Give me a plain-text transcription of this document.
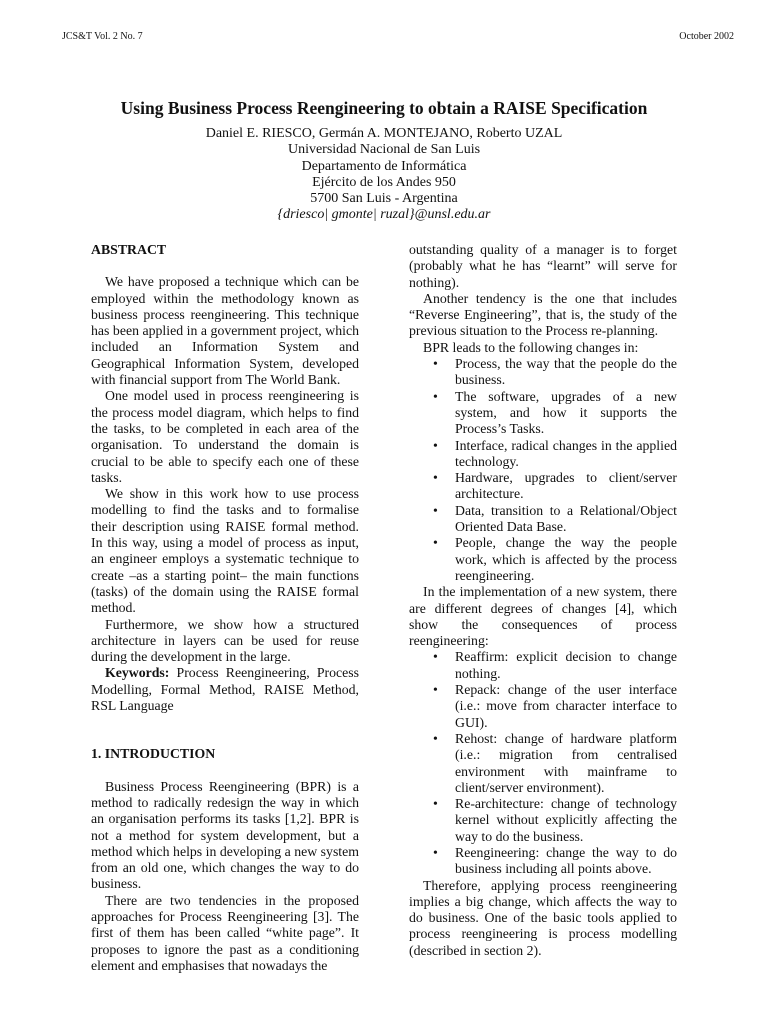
JCS&T Vol. 2 No. 7	October 2002
Using Business Process Reengineering to obtain a RAISE Specification
Daniel E. RIESCO, Germán A. MONTEJANO, Roberto UZAL
Universidad Nacional de San Luis
Departamento de Informática
Ejército de los Andes 950
5700 San Luis - Argentina
{driesco| gmonte| ruzal}@unsl.edu.ar
ABSTRACT

We have proposed a technique which can be employed within the methodology known as business process reengineering. This technique has been applied in a government project, which included an Information System and Geographical Information System, developed with financial support from The World Bank.

One model used in process reengineering is the process model diagram, which helps to find the tasks, to be completed in each area of the organisation. To understand the domain is crucial to be able to specify each one of these tasks.

We show in this work how to use process modelling to find the tasks and to formalise their description using RAISE formal method. In this way, using a model of process as input, an engineer employs a systematic technique to create –as a starting point– the main functions (tasks) of the domain using the RAISE formal method.

Furthermore, we show how a structured architecture in layers can be used for reuse during the development in the large.

Keywords: Process Reengineering, Process Modelling, Formal Method, RAISE Method, RSL Language

1. INTRODUCTION

Business Process Reengineering (BPR) is a method to radically redesign the way in which an organisation performs its tasks [1,2]. BPR is not a method for system development, but a method which helps in developing a new system from an old one, which changes the way to do business.

There are two tendencies in the proposed approaches for Process Reengineering [3]. The first of them has been called “white page”. It proposes to ignore the past as a conditioning element and emphasises that nowadays the

outstanding quality of a manager is to forget (probably what he has “learnt” will serve for nothing).

Another tendency is the one that includes “Reverse Engineering”, that is, the study of the previous situation to the Process re-planning.

BPR leads to the following changes in:

•	Process, the way that the people do the business.
•	The software, upgrades of a new system, and how it supports the Process’s Tasks.
•	Interface, radical changes in the applied technology.
•	Hardware, upgrades to client/server architecture.
•	Data, transition to a Relational/Object Oriented Data Base.
•	People, change the way the people work, which is affected by the process reengineering.

In the implementation of a new system, there are different degrees of changes [4], which show the consequences of process reengineering:

•	Reaffirm: explicit decision to change nothing.
•	Repack: change of the user interface (i.e.: move from character interface to GUI).
•	Rehost: change of hardware platform (i.e.: migration from centralised environment with mainframe to client/server environment).
•	Re-architecture: change of technology kernel without explicitly affecting the way to do the business.
•	Reengineering: change the way to do business including all points above.

Therefore, applying process reengineering implies a big change, which affects the way to do business. One of the basic tools applied to process reengineering is process modelling (described in section 2).
